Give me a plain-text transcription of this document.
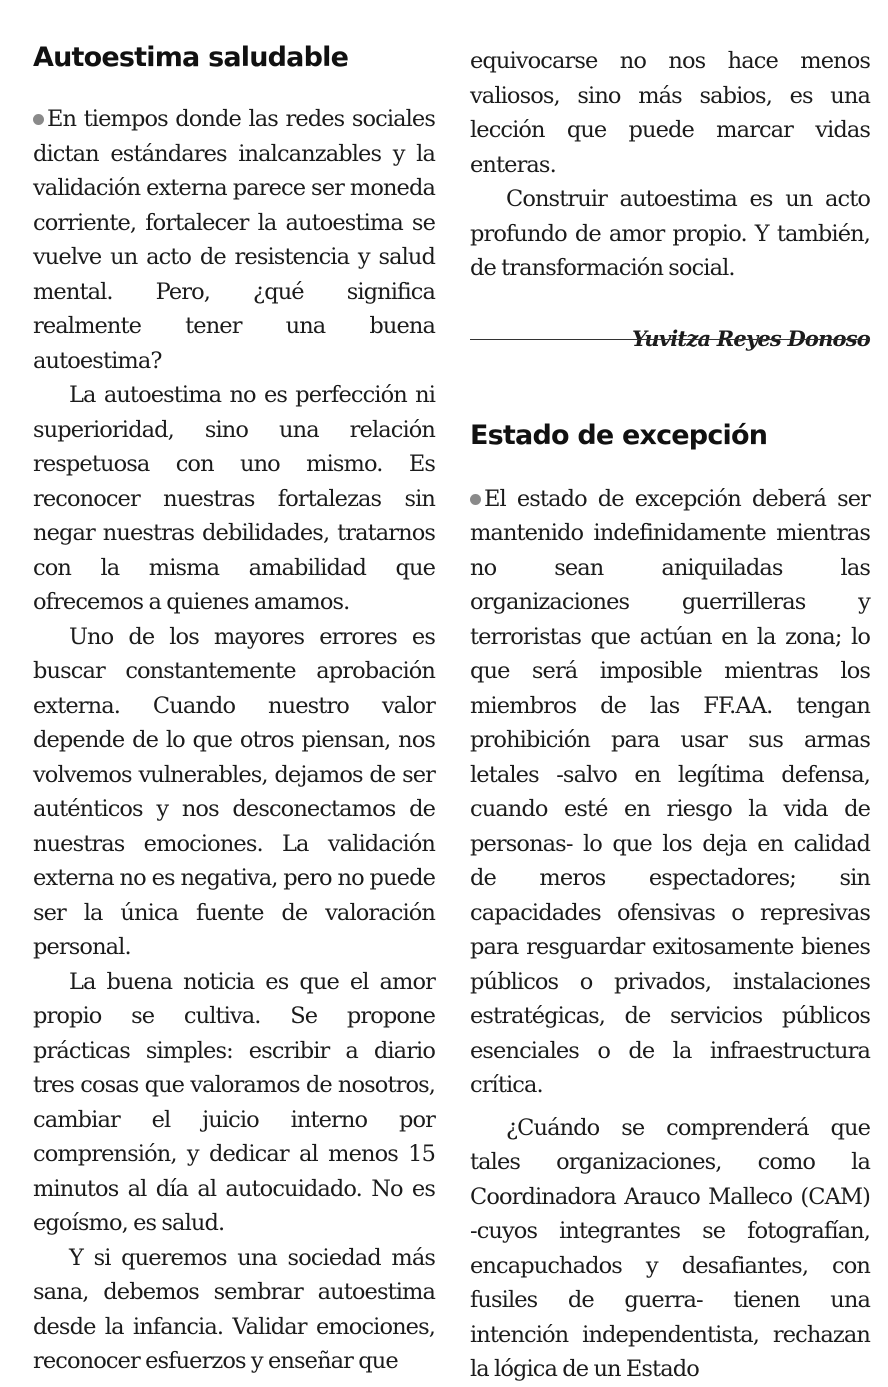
Autoestima saludable

En tiempos donde las redes sociales dictan estándares inalcanzables y la validación externa parece ser moneda corriente, fortalecer la autoestima se vuelve un acto de resistencia y salud mental. Pero, ¿qué significa realmente tener una buena autoestima?

La autoestima no es perfección ni superioridad, sino una relación respetuosa con uno mismo. Es reconocer nuestras fortalezas sin negar nuestras debilidades, tratarnos con la misma amabilidad que ofrecemos a quienes amamos.

Uno de los mayores errores es buscar constantemente aprobación externa. Cuando nuestro valor depende de lo que otros piensan, nos volvemos vulnerables, dejamos de ser auténticos y nos desconectamos de nuestras emociones. La validación externa no es negativa, pero no puede ser la única fuente de valoración personal.

La buena noticia es que el amor propio se cultiva. Se propone prácticas simples: escribir a diario tres cosas que valoramos de nosotros, cambiar el juicio interno por comprensión, y dedicar al menos 15 minutos al día al autocuidado. No es egoísmo, es salud.

Y si queremos una sociedad más sana, debemos sembrar autoestima desde la infancia. Validar emociones, reconocer esfuerzos y enseñar que

equivocarse no nos hace menos valiosos, sino más sabios, es una lección que puede marcar vidas enteras.

Construir autoestima es un acto profundo de amor propio. Y también, de transformación social.

Yuvitza Reyes Donoso

Estado de excepción

El estado de excepción deberá ser mantenido indefinidamente mientras no sean aniquiladas las organizaciones guerrilleras y terroristas que actúan en la zona; lo que será imposible mientras los miembros de las FF.AA. tengan prohibición para usar sus armas letales -salvo en legítima defensa, cuando esté en riesgo la vida de personas- lo que los deja en calidad de meros espectadores; sin capacidades ofensivas o represivas para resguardar exitosamente bienes públicos o privados, instalaciones estratégicas, de servicios públicos esenciales o de la infraestructura crítica.

¿Cuándo se comprenderá que tales organizaciones, como la Coordinadora Arauco Malleco (CAM) -cuyos integrantes se fotografían, encapuchados y desafiantes, con fusiles de guerra- tienen una intención independentista, rechazan la lógica de un Estado
